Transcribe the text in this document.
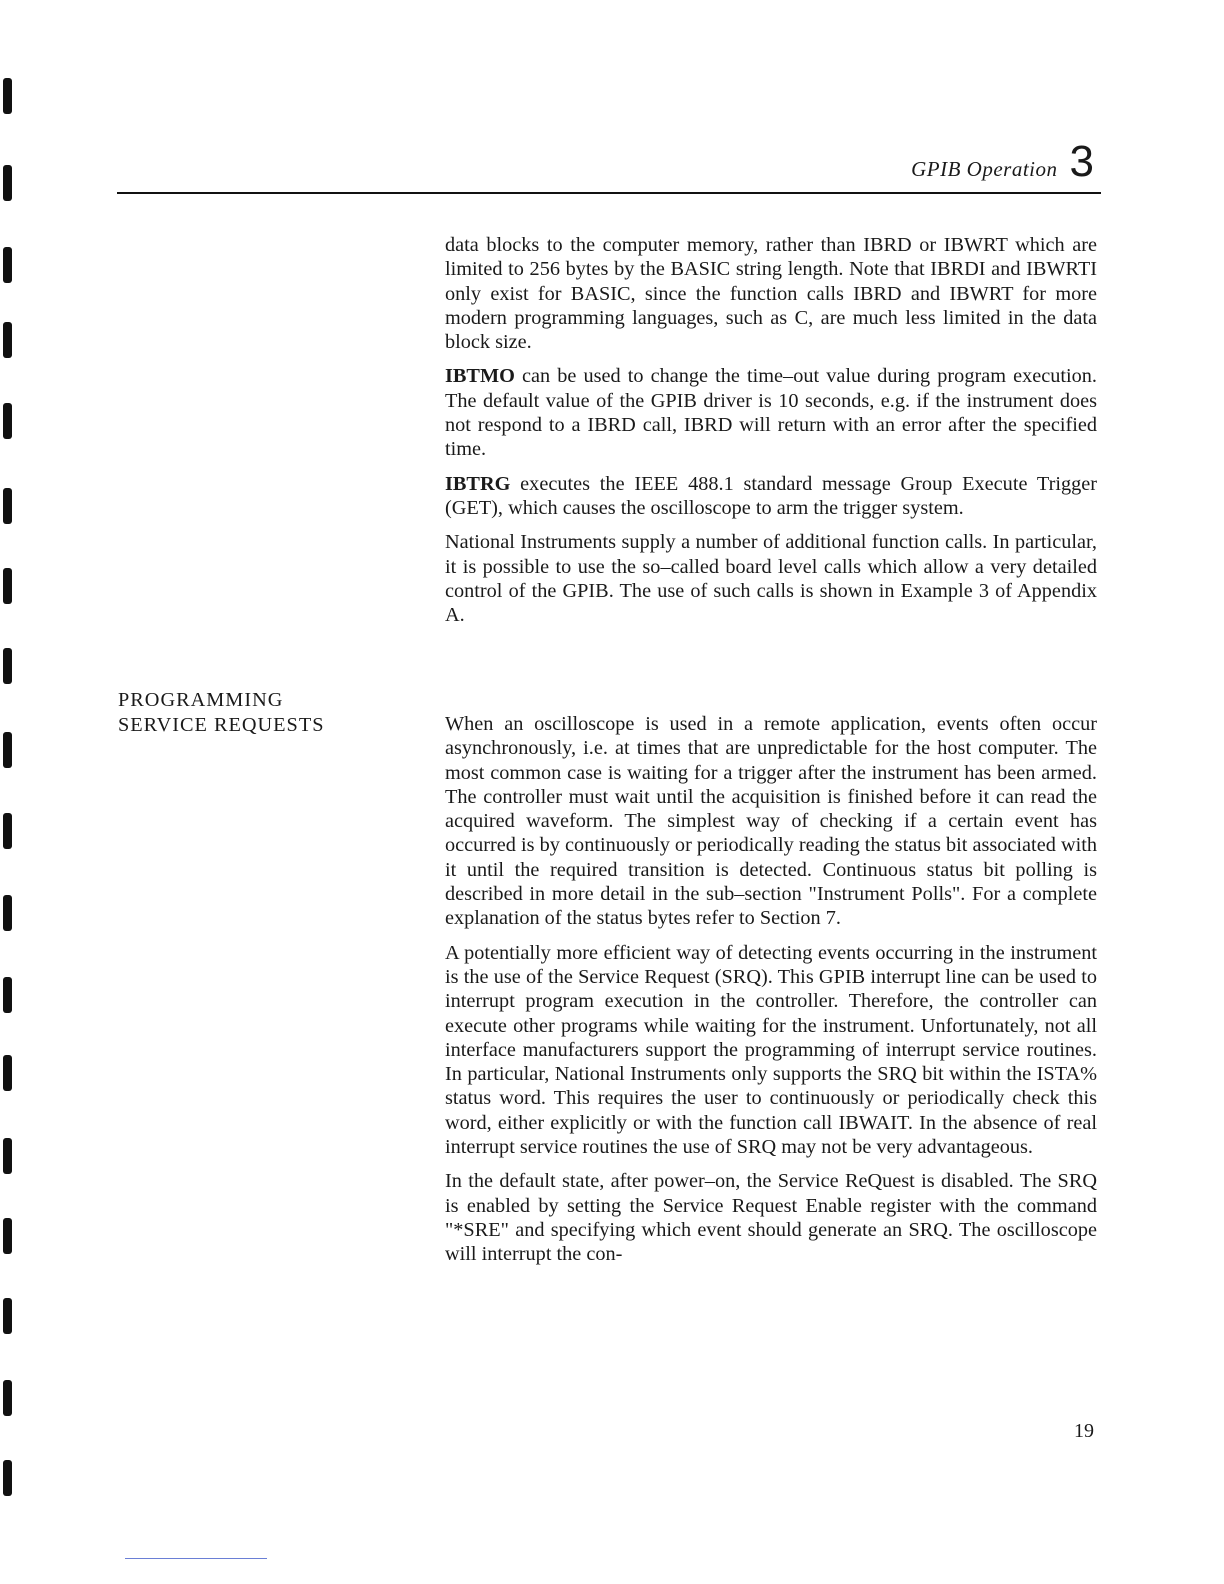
GPIB Operation 3

data blocks to the computer memory, rather than IBRD or IBWRT which are limited to 256 bytes by the BASIC string length. Note that IBRDI and IBWRTI only exist for BASIC, since the function calls IBRD and IBWRT for more modern programming languages, such as C, are much less limited in the data block size.

IBTMO can be used to change the time–out value during program execution. The default value of the GPIB driver is 10 seconds, e.g. if the instrument does not respond to a IBRD call, IBRD will return with an error after the specified time.

IBTRG executes the IEEE 488.1 standard message Group Execute Trigger (GET), which causes the oscilloscope to arm the trigger system.

National Instruments supply a number of additional function calls. In particular, it is possible to use the so–called board level calls which allow a very detailed control of the GPIB. The use of such calls is shown in Example 3 of Appendix A.

PROGRAMMING
SERVICE REQUESTS	When an oscilloscope is used in a remote application, events often occur asynchronously, i.e. at times that are unpredictable for the host computer. The most common case is waiting for a trigger after the instrument has been armed. The controller must wait until the acquisition is finished before it can read the acquired waveform. The simplest way of checking if a certain event has occurred is by continuously or periodically reading the status bit associated with it until the required transition is detected. Continuous status bit polling is described in more detail in the sub–section "Instrument Polls". For a complete explanation of the status bytes refer to Section 7.

A potentially more efficient way of detecting events occurring in the instrument is the use of the Service Request (SRQ). This GPIB interrupt line can be used to interrupt program execution in the controller. Therefore, the controller can execute other programs while waiting for the instrument. Unfortunately, not all interface manufacturers support the programming of interrupt service routines. In particular, National Instruments only supports the SRQ bit within the ISTA% status word. This requires the user to continuously or periodically check this word, either explicitly or with the function call IBWAIT. In the absence of real interrupt service routines the use of SRQ may not be very advantageous.

In the default state, after power–on, the Service ReQuest is disabled. The SRQ is enabled by setting the Service Request Enable register with the command "*SRE" and specifying which event should generate an SRQ. The oscilloscope will interrupt the con-

19
